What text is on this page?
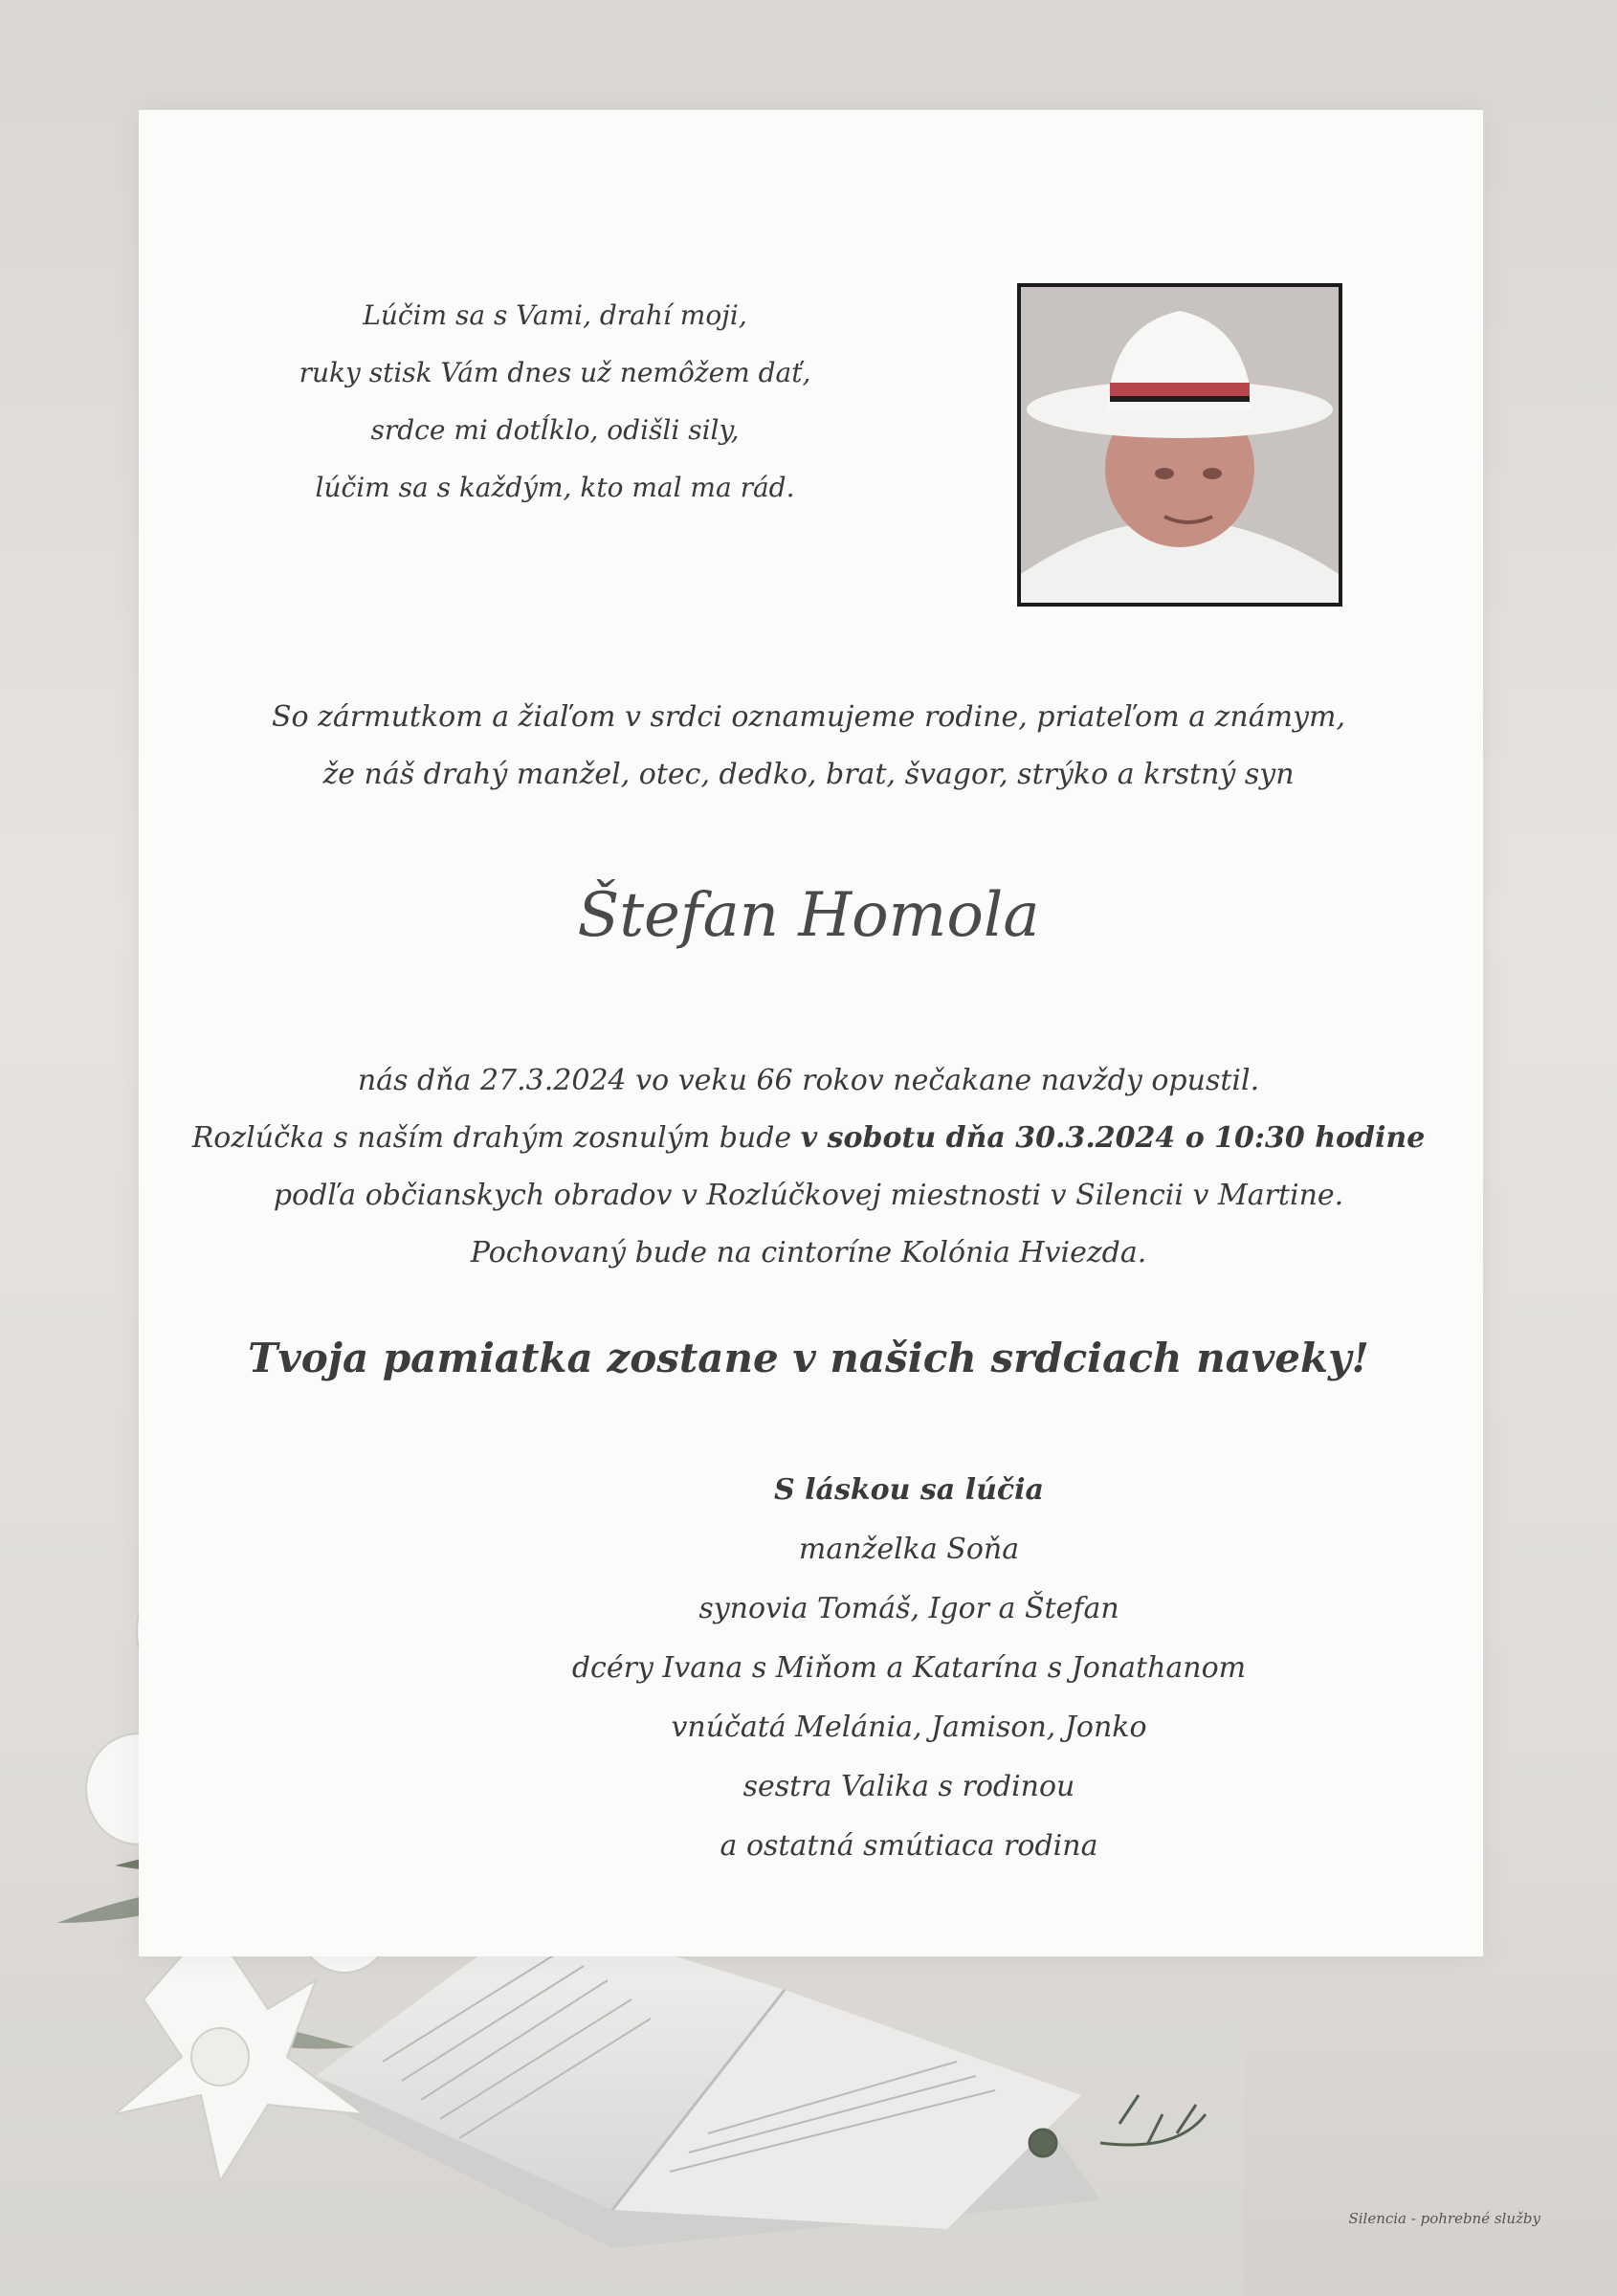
Lúčim sa s Vami, drahí moji,
ruky stisk Vám dnes už nemôžem dať,
srdce mi dotĺklo, odišli sily,
lúčim sa s každým, kto mal ma rád.
So zármutkom a žiaľom v srdci oznamujeme rodine, priateľom a známym,
že náš drahý manžel, otec, dedko, brat, švagor, strýko a krstný syn
Štefan Homola
nás dňa 27.3.2024 vo veku 66 rokov nečakane navždy opustil.
Rozlúčka s naším drahým zosnulým bude v sobotu dňa 30.3.2024 o 10:30 hodine
podľa občianskych obradov v Rozlúčkovej miestnosti v Silencii v Martine.
Pochovaný bude na cintoríne Kolónia Hviezda.
Tvoja pamiatka zostane v našich srdciach naveky!
S láskou sa lúčia
manželka Soňa
synovia Tomáš, Igor a Štefan
dcéry Ivana s Miňom a Katarína s Jonathanom
vnúčatá Melánia, Jamison, Jonko
sestra Valika s rodinou
a ostatná smútiaca rodina
Silencia - pohrebné služby
